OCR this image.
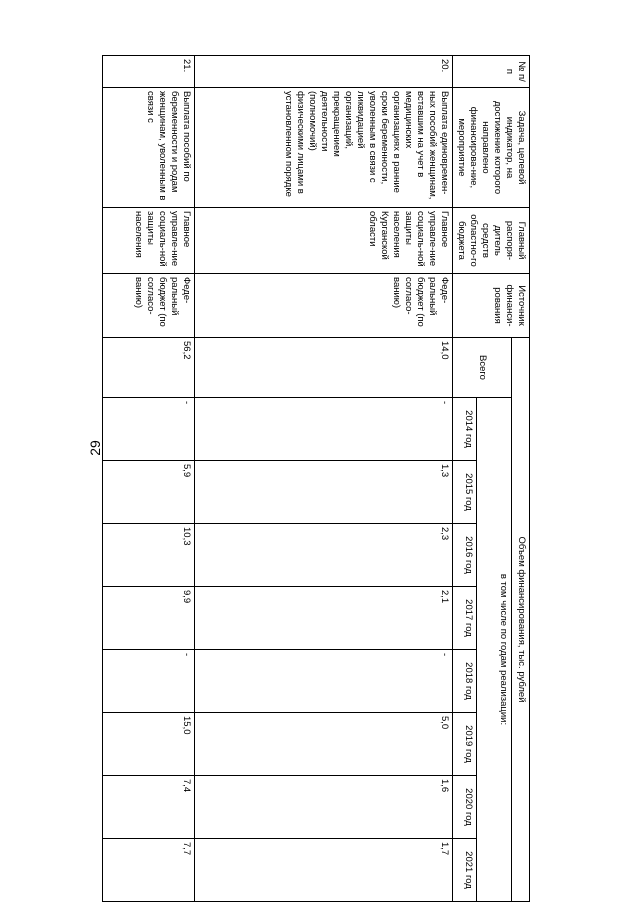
29
№ п/п	Задача, целевой индикатор, на достижение которого направлено финансирова-ние, мероприятие	Главный распоря-дитель средств областно-го бюджета	Источник финанси-рования	Объем финансирования, тыс. рублей								
				Всего	в том числе по годам реализации:							
					2014 год	2015 год	2016 год	2017 год	2018 год	2019 год	2020 год	2021 год
20.	Выплата единовремен-ных пособий женщинам, вставшим на учет в медицинских организациях в ранние сроки беременности, уволенным в связи с ликвидацией организаций, прекращением деятельности (полномочий) физическими лицами в установленном порядке	Главное управле-ние социаль-ной защиты населения Курганской области	Феде-ральный бюджет (по согласо-ванию)	14,0	-	1,3	2,3	2,1	-	5,0	1,6	1,7
21.	Выплата пособий по беременности и родам женщинам, уволенным в связи с	Главное управле-ние социаль-ной защиты населения	Феде-ральный бюджет (по согласо-ванию)	56,2	-	5,9	10,3	9,9	-	15,0	7,4	7,7
